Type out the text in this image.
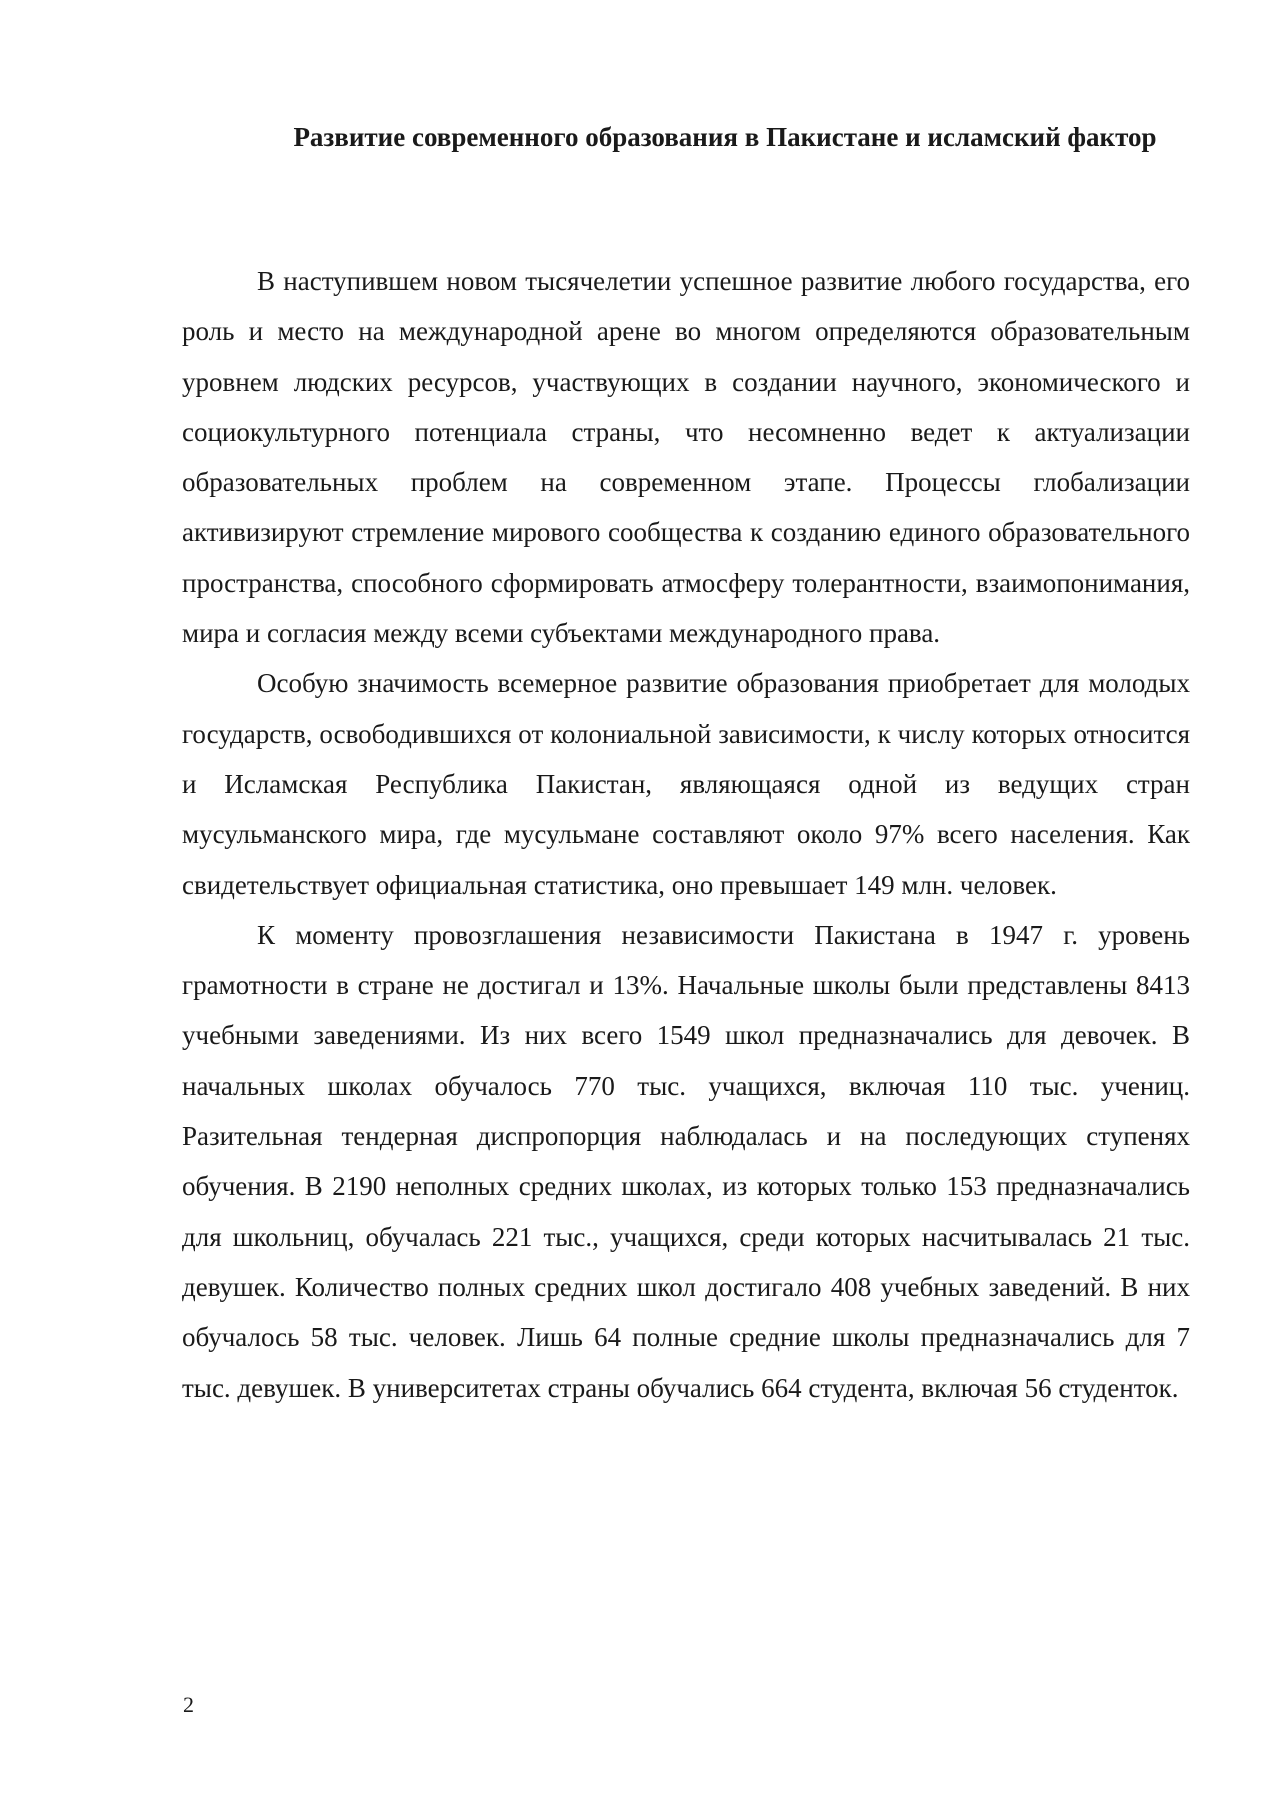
Развитие современного образования в Пакистане и исламский фактор

В наступившем новом тысячелетии успешное развитие любого государства, его роль и место на международной арене во многом определяются образовательным уровнем людских ресурсов, участвующих в создании научного, экономического и социокультурного потенциала страны, что несомненно ведет к актуализации образовательных проблем на современном этапе. Процессы глобализации активизируют стремление мирового сообщества к созданию единого образовательного пространства, способного сформировать атмосферу толерантности, взаимопонимания, мира и согласия между всеми субъектами международного права.

Особую значимость всемерное развитие образования приобретает для молодых государств, освободившихся от колониальной зависимости, к числу которых относится и Исламская Республика Пакистан, являющаяся одной из ведущих стран мусульманского мира, где мусульмане составляют около 97% всего населения. Как свидетельствует официальная статистика, оно превышает 149 млн. человек.

К моменту провозглашения независимости Пакистана в 1947 г. уровень грамотности в стране не достигал и 13%. Начальные школы были представлены 8413 учебными заведениями. Из них всего 1549 школ предназначались для девочек. В начальных школах обучалось 770 тыс. учащихся, включая 110 тыс. учениц. Разительная тендерная диспропорция наблюдалась и на последующих ступенях обучения. В 2190 неполных средних школах, из которых только 153 предназначались для школьниц, обучалась 221 тыс., учащихся, среди которых насчитывалась 21 тыс. девушек. Количество полных средних школ достигало 408 учебных заведений. В них обучалось 58 тыс. человек. Лишь 64 полные средние школы предназначались для 7 тыс. девушек. В университетах страны обучались 664 студента, включая 56 студенток.

2
